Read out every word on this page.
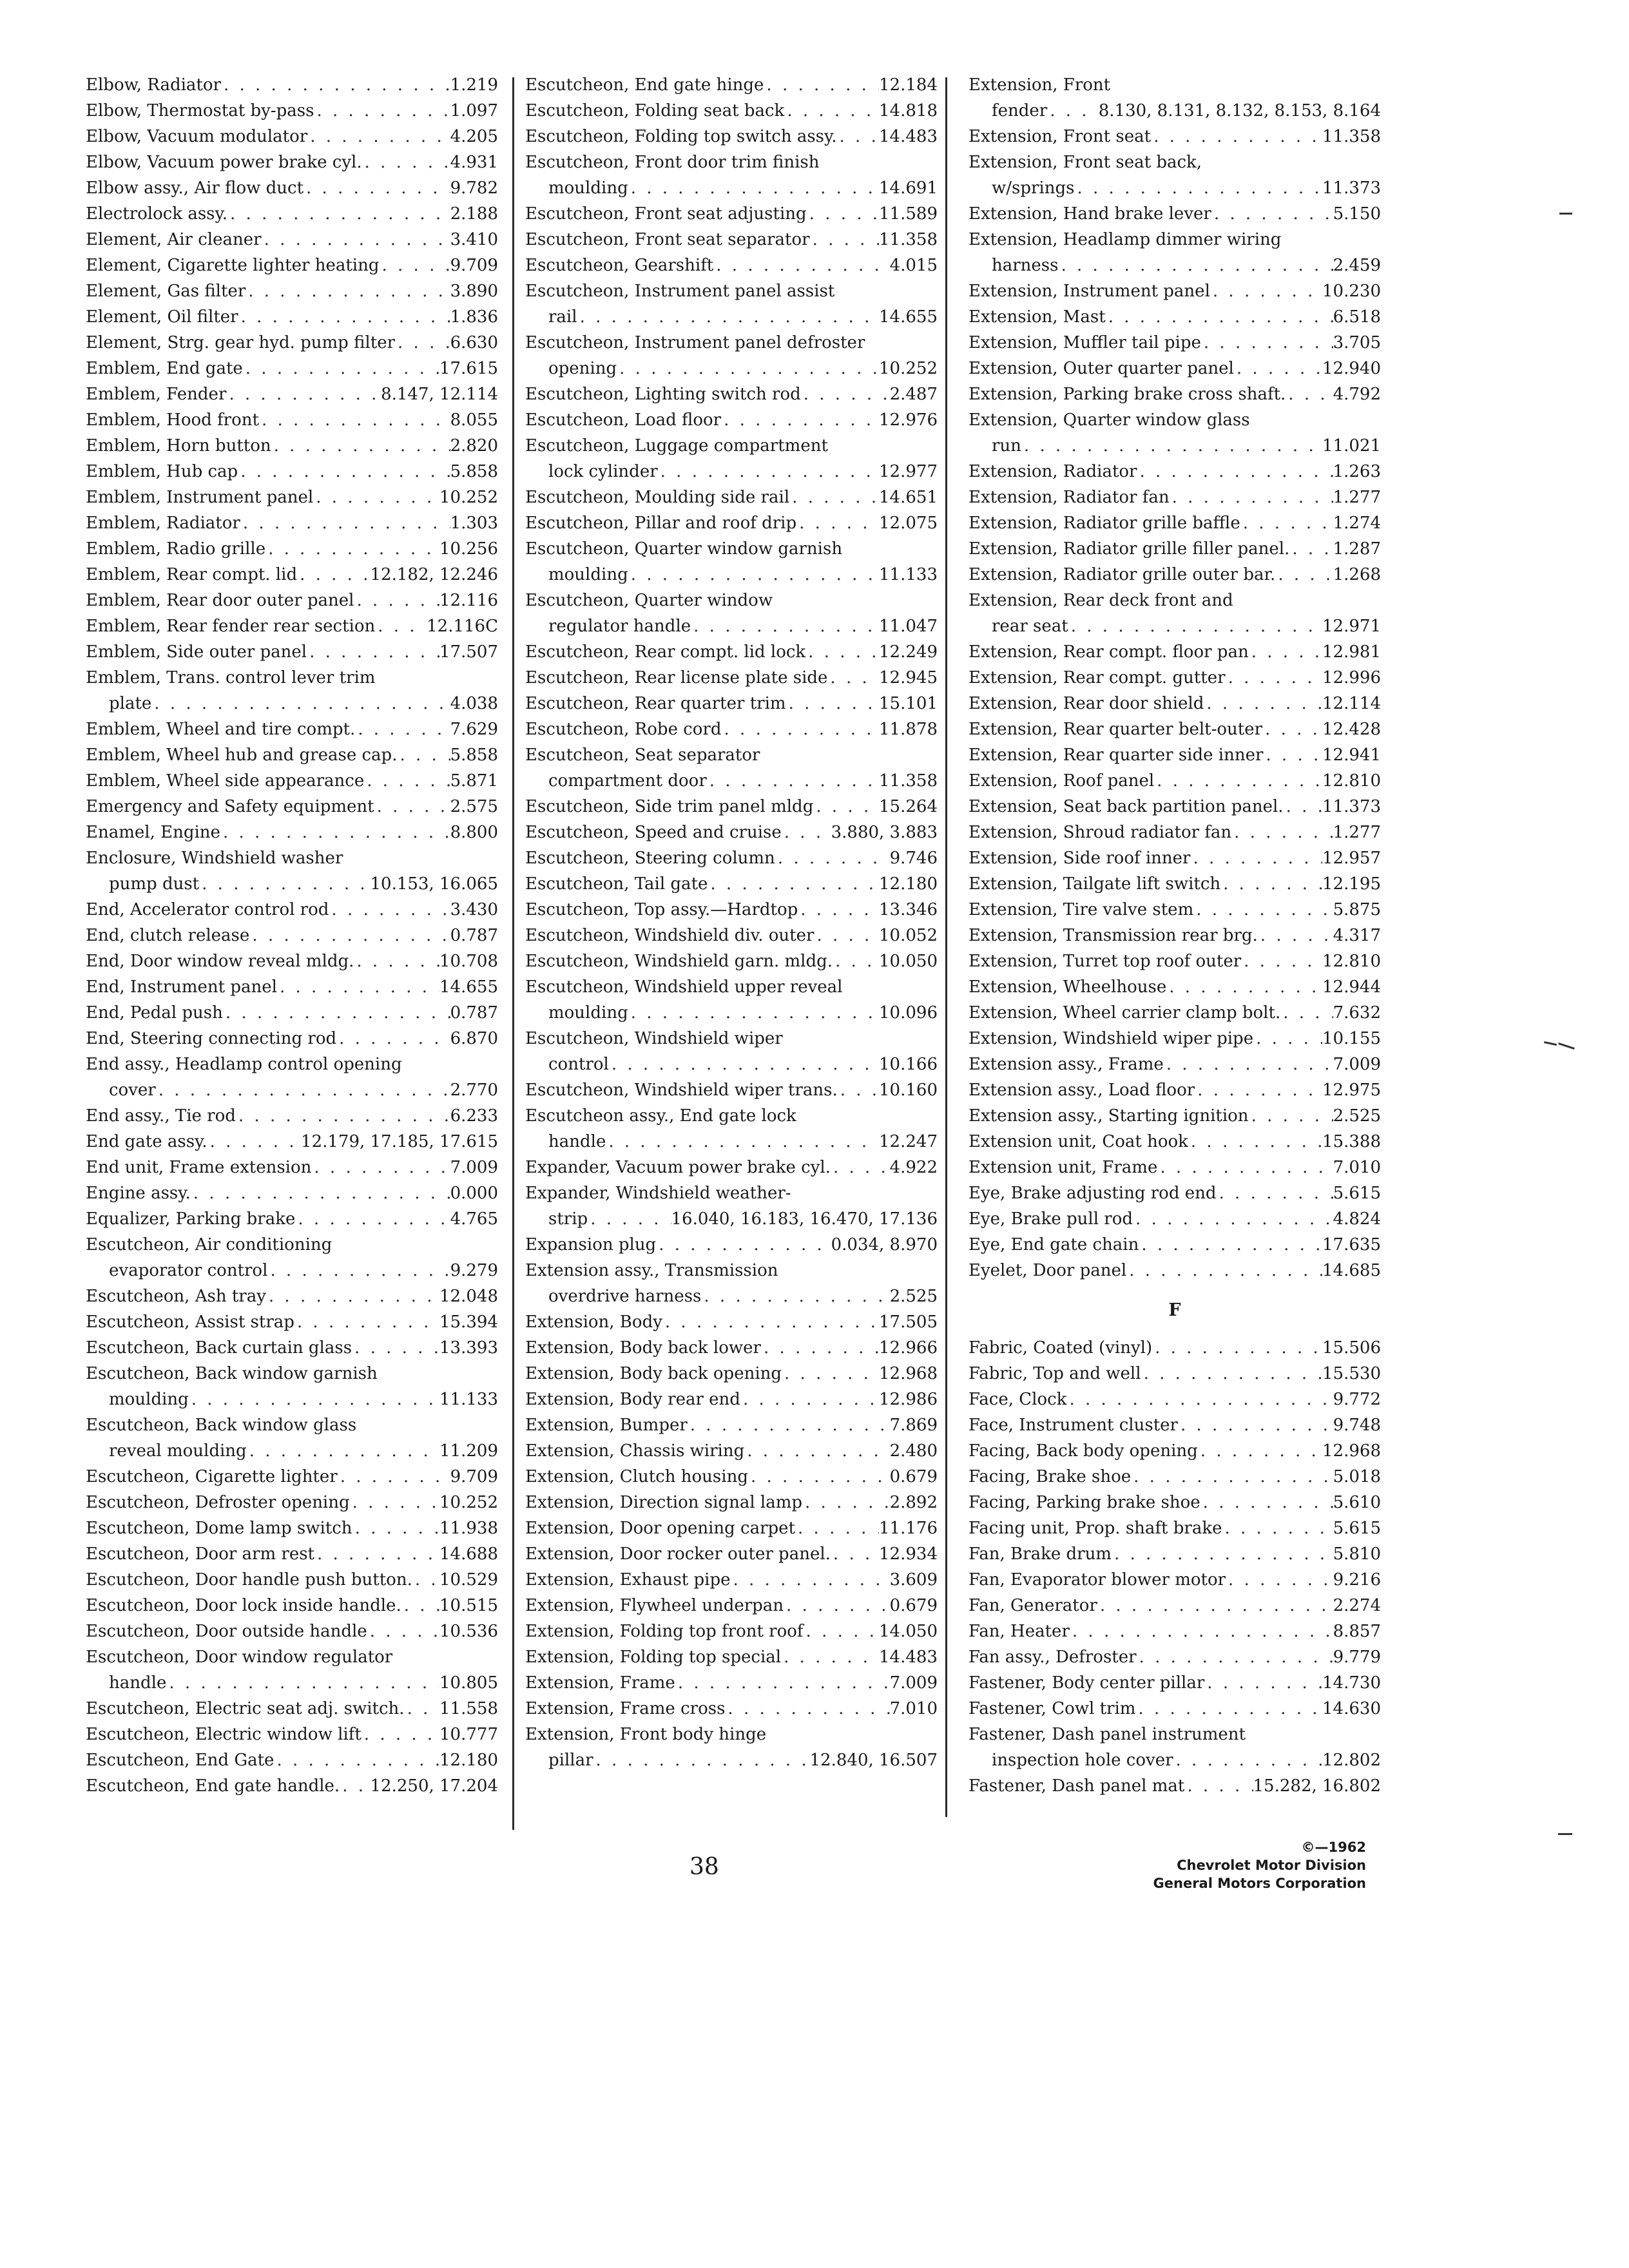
Elbow, Radiator . . .	1.219
Elbow, Thermostat by-pass . . .	1.097
Elbow, Vacuum modulator . . .	4.205
Elbow, Vacuum power brake cyl. . . .	4.931
Elbow assy., Air flow duct . . .	9.782
Electrolock assy. . . .	2.188
Element, Air cleaner . . .	3.410
Element, Cigarette lighter heating . . .	9.709
Element, Gas filter . . .	3.890
Element, Oil filter . . .	1.836
Element, Strg. gear hyd. pump filter . . .	6.630
Emblem, End gate . . .	17.615
Emblem, Fender . . .	8.147, 12.114
Emblem, Hood front . . .	8.055
Emblem, Horn button . . .	2.820
Emblem, Hub cap . . .	5.858
Emblem, Instrument panel . . .	10.252
Emblem, Radiator . . .	1.303
Emblem, Radio grille . . .	10.256
Emblem, Rear compt. lid . . .	12.182, 12.246
Emblem, Rear door outer panel . . .	12.116
Emblem, Rear fender rear section . . .	12.116C
Emblem, Side outer panel . . .	17.507
Emblem, Trans. control lever trim
plate . . .	4.038
Emblem, Wheel and tire compt. . . .	7.629
Emblem, Wheel hub and grease cap. . . .	5.858
Emblem, Wheel side appearance . . .	5.871
Emergency and Safety equipment . . .	2.575
Enamel, Engine . . .	8.800
Enclosure, Windshield washer
pump dust . . .	10.153, 16.065
End, Accelerator control rod . . .	3.430
End, clutch release . . .	0.787
End, Door window reveal mldg. . . .	10.708
End, Instrument panel . . .	14.655
End, Pedal push . . .	0.787
End, Steering connecting rod . . .	6.870
End assy., Headlamp control opening
cover . . .	2.770
End assy., Tie rod . . .	6.233
End gate assy. . . .	12.179, 17.185, 17.615
End unit, Frame extension . . .	7.009
Engine assy. . . .	0.000
Equalizer, Parking brake . . .	4.765
Escutcheon, Air conditioning
evaporator control . . .	9.279
Escutcheon, Ash tray . . .	12.048
Escutcheon, Assist strap . . .	15.394
Escutcheon, Back curtain glass . . .	13.393
Escutcheon, Back window garnish
moulding . . .	11.133
Escutcheon, Back window glass
reveal moulding . . .	11.209
Escutcheon, Cigarette lighter . . .	9.709
Escutcheon, Defroster opening . . .	10.252
Escutcheon, Dome lamp switch . . .	11.938
Escutcheon, Door arm rest . . .	14.688
Escutcheon, Door handle push button. . . . 10.529
Escutcheon, Door lock inside handle. . . . 10.515
Escutcheon, Door outside handle . . .	10.536
Escutcheon, Door window regulator
handle . . .	10.805
Escutcheon, Electric seat adj. switch. . . . 11.558
Escutcheon, Electric window lift . . .	10.777
Escutcheon, End Gate . . .	12.180
Escutcheon, End gate handle. . . . 12.250, 17.204
Escutcheon, End gate hinge . . .	12.184
Escutcheon, Folding seat back . . .	14.818
Escutcheon, Folding top switch assy. . . .	14.483
Escutcheon, Front door trim finish
moulding . . .	14.691
Escutcheon, Front seat adjusting . . .	11.589
Escutcheon, Front seat separator . . .	11.358
Escutcheon, Gearshift . . .	4.015
Escutcheon, Instrument panel assist
rail . . .	14.655
Escutcheon, Instrument panel defroster
opening . . .	10.252
Escutcheon, Lighting switch rod . . .	2.487
Escutcheon, Load floor . . .	12.976
Escutcheon, Luggage compartment
lock cylinder . . .	12.977
Escutcheon, Moulding side rail . . .	14.651
Escutcheon, Pillar and roof drip . . .	12.075
Escutcheon, Quarter window garnish
moulding . . .	11.133
Escutcheon, Quarter window
regulator handle . . .	11.047
Escutcheon, Rear compt. lid lock . . .	12.249
Escutcheon, Rear license plate side . . .	12.945
Escutcheon, Rear quarter trim . . .	15.101
Escutcheon, Robe cord . . .	11.878
Escutcheon, Seat separator
compartment door . . .	11.358
Escutcheon, Side trim panel mldg . . .	15.264
Escutcheon, Speed and cruise . . .	3.880, 3.883
Escutcheon, Steering column . . .	9.746
Escutcheon, Tail gate . . .	12.180
Escutcheon, Top assy.—Hardtop . . .	13.346
Escutcheon, Windshield div. outer . . .	10.052
Escutcheon, Windshield garn. mldg. . . .	10.050
Escutcheon, Windshield upper reveal
moulding . . .	10.096
Escutcheon, Windshield wiper
control . . .	10.166
Escutcheon, Windshield wiper trans. . . . 10.160
Escutcheon assy., End gate lock
handle . . .	12.247
Expander, Vacuum power brake cyl. . . .	4.922
Expander, Windshield weather-
strip . . .	16.040, 16.183, 16.470, 17.136
Expansion plug . . .	0.034, 8.970
Extension assy., Transmission
overdrive harness . . .	2.525
Extension, Body . . .	17.505
Extension, Body back lower . . .	12.966
Extension, Body back opening . . .	12.968
Extension, Body rear end . . .	12.986
Extension, Bumper . . .	7.869
Extension, Chassis wiring . . .	2.480
Extension, Clutch housing . . .	0.679
Extension, Direction signal lamp . . .	2.892
Extension, Door opening carpet . . .	11.176
Extension, Door rocker outer panel. . . .	12.934
Extension, Exhaust pipe . . .	3.609
Extension, Flywheel underpan . . .	0.679
Extension, Folding top front roof . . .	14.050
Extension, Folding top special . . .	14.483
Extension, Frame . . .	7.009
Extension, Frame cross . . .	7.010
Extension, Front body hinge
pillar . . .	12.840, 16.507
Extension, Front
fender . . .	8.130, 8.131, 8.132, 8.153, 8.164
Extension, Front seat . . .	11.358
Extension, Front seat back,
w/springs . . .	11.373
Extension, Hand brake lever . . .	5.150
Extension, Headlamp dimmer wiring
harness . . .	2.459
Extension, Instrument panel . . .	10.230
Extension, Mast . . .	6.518
Extension, Muffler tail pipe . . .	3.705
Extension, Outer quarter panel . . .	12.940
Extension, Parking brake cross shaft. . . .	4.792
Extension, Quarter window glass
run . . .	11.021
Extension, Radiator . . .	1.263
Extension, Radiator fan . . .	1.277
Extension, Radiator grille baffle . . .	1.274
Extension, Radiator grille filler panel. . . .	1.287
Extension, Radiator grille outer bar. . . .	1.268
Extension, Rear deck front and
rear seat . . .	12.971
Extension, Rear compt. floor pan . . .	12.981
Extension, Rear compt. gutter . . .	12.996
Extension, Rear door shield . . .	12.114
Extension, Rear quarter belt-outer . . .	12.428
Extension, Rear quarter side inner . . .	12.941
Extension, Roof panel . . .	12.810
Extension, Seat back partition panel. . . . 11.373
Extension, Shroud radiator fan . . .	1.277
Extension, Side roof inner . . .	12.957
Extension, Tailgate lift switch . . .	12.195
Extension, Tire valve stem . . .	5.875
Extension, Transmission rear brg. . . .	4.317
Extension, Turret top roof outer . . .	12.810
Extension, Wheelhouse . . .	12.944
Extension, Wheel carrier clamp bolt. . . .	7.632
Extension, Windshield wiper pipe . . .	10.155
Extension assy., Frame . . .	7.009
Extension assy., Load floor . . .	12.975
Extension assy., Starting ignition . . .	2.525
Extension unit, Coat hook . . .	15.388
Extension unit, Frame . . .	7.010
Eye, Brake adjusting rod end . . .	5.615
Eye, Brake pull rod . . .	4.824
Eye, End gate chain . . .	17.635
Eyelet, Door panel . . .	14.685
F
Fabric, Coated (vinyl) . . .	15.506
Fabric, Top and well . . .	15.530
Face, Clock . . .	9.772
Face, Instrument cluster . . .	9.748
Facing, Back body opening . . .	12.968
Facing, Brake shoe . . .	5.018
Facing, Parking brake shoe . . .	5.610
Facing unit, Prop. shaft brake . . .	5.615
Fan, Brake drum . . .	5.810
Fan, Evaporator blower motor . . .	9.216
Fan, Generator . . .	2.274
Fan, Heater . . .	8.857
Fan assy., Defroster . . .	9.779
Fastener, Body center pillar . . .	14.730
Fastener, Cowl trim . . .	14.630
Fastener, Dash panel instrument
inspection hole cover . . .	12.802
Fastener, Dash panel mat . . .	15.282, 16.802
38
©—1962
Chevrolet Motor Division
General Motors Corporation
